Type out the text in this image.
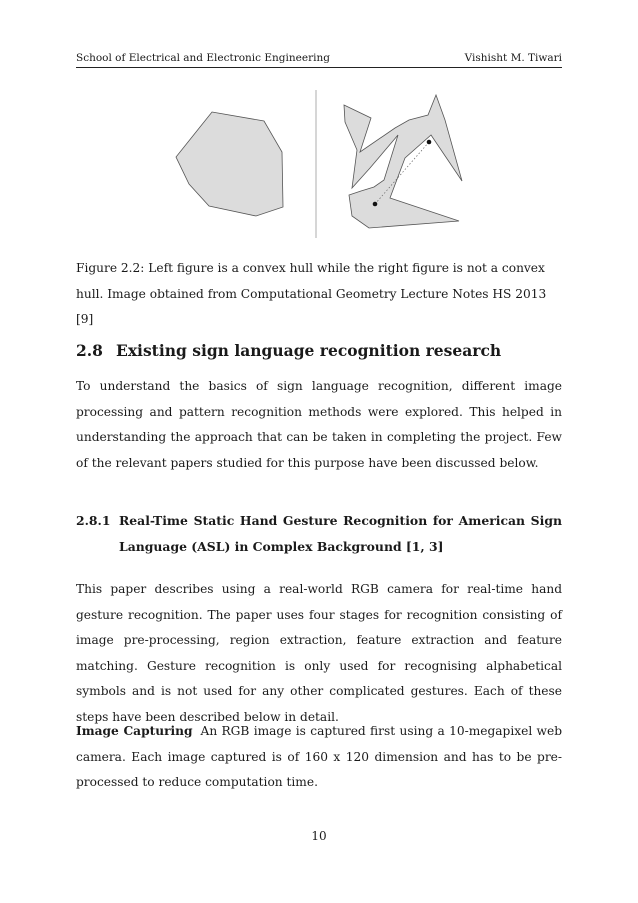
School of Electrical and Electronic Engineering	Vishisht M. Tiwari
Figure 2.2: Left figure is a convex hull while the right figure is not a convex hull. Image obtained from Computational Geometry Lecture Notes HS 2013 [9]
2.8 Existing sign language recognition research
To understand the basics of sign language recognition, different image processing and pattern recognition methods were explored. This helped in understanding the approach that can be taken in completing the project. Few of the relevant papers studied for this purpose have been discussed below.
2.8.1 Real-Time Static Hand Gesture Recognition for American Sign Language (ASL) in Complex Background [1, 3]
This paper describes using a real-world RGB camera for real-time hand gesture recognition. The paper uses four stages for recognition consisting of image pre-processing, region extraction, feature extraction and feature matching. Gesture recognition is only used for recognising alphabetical symbols and is not used for any other complicated gestures. Each of these steps have been described below in detail.
Image Capturing An RGB image is captured first using a 10-megapixel web camera. Each image captured is of 160 x 120 dimension and has to be pre-processed to reduce computation time.
10
